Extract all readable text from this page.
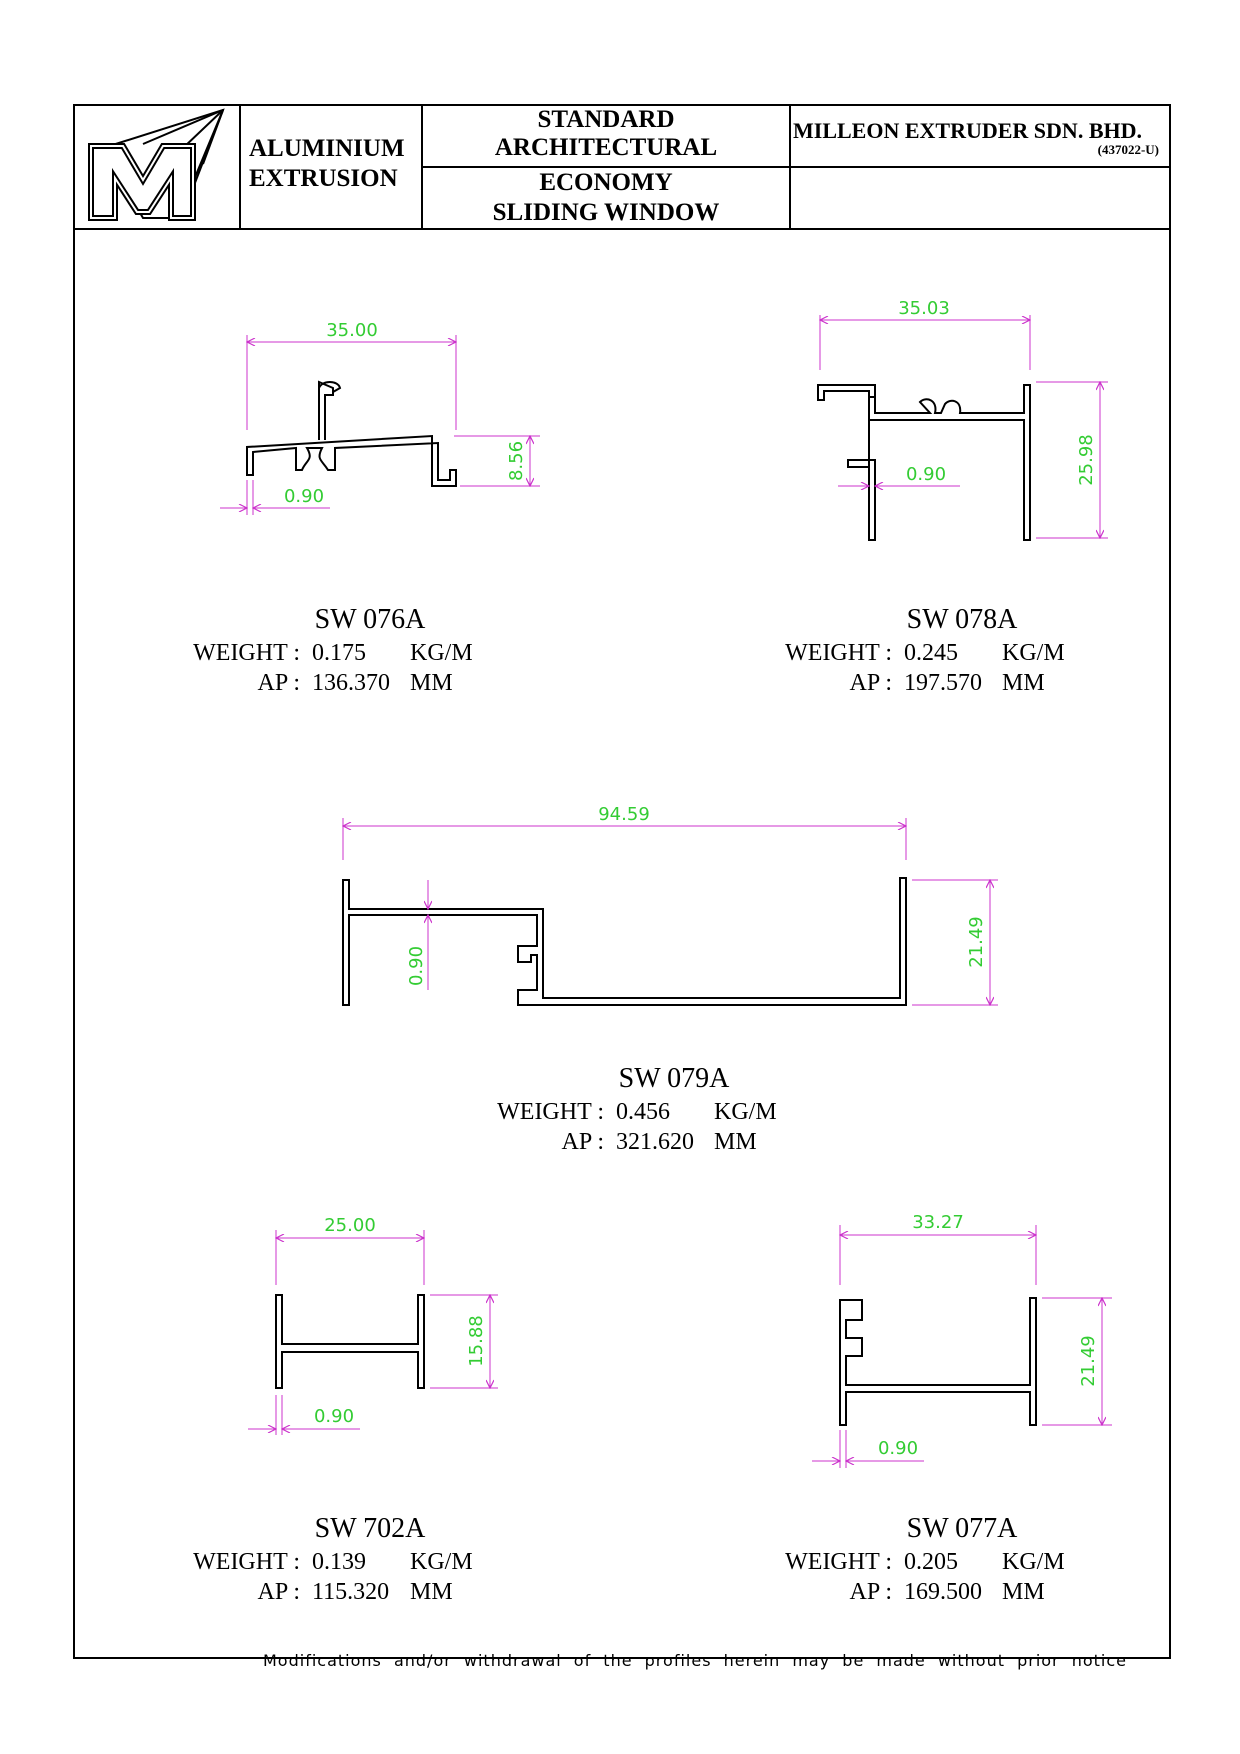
ALUMINIUM
EXTRUSION
STANDARD
ARCHITECTURAL
ECONOMY
SLIDING WINDOW
MILLEON EXTRUDER SDN. BHD.
(437022-U)
35.00
8.56
0.90
35.03
25.98
0.90
94.59
21.49
0.90
25.00
15.88
0.90
33.27
21.49
0.90
SW 076A
WEIGHT : 0.175 KG/M
AP : 136.370 MM
SW 078A
WEIGHT : 0.245 KG/M
AP : 197.570 MM
SW 079A
WEIGHT : 0.456 KG/M
AP : 321.620 MM
SW 702A
WEIGHT : 0.139 KG/M
AP : 115.320 MM
SW 077A
WEIGHT : 0.205 KG/M
AP : 169.500 MM
Modifications and/or withdrawal of the profiles herein may be made without prior notice
